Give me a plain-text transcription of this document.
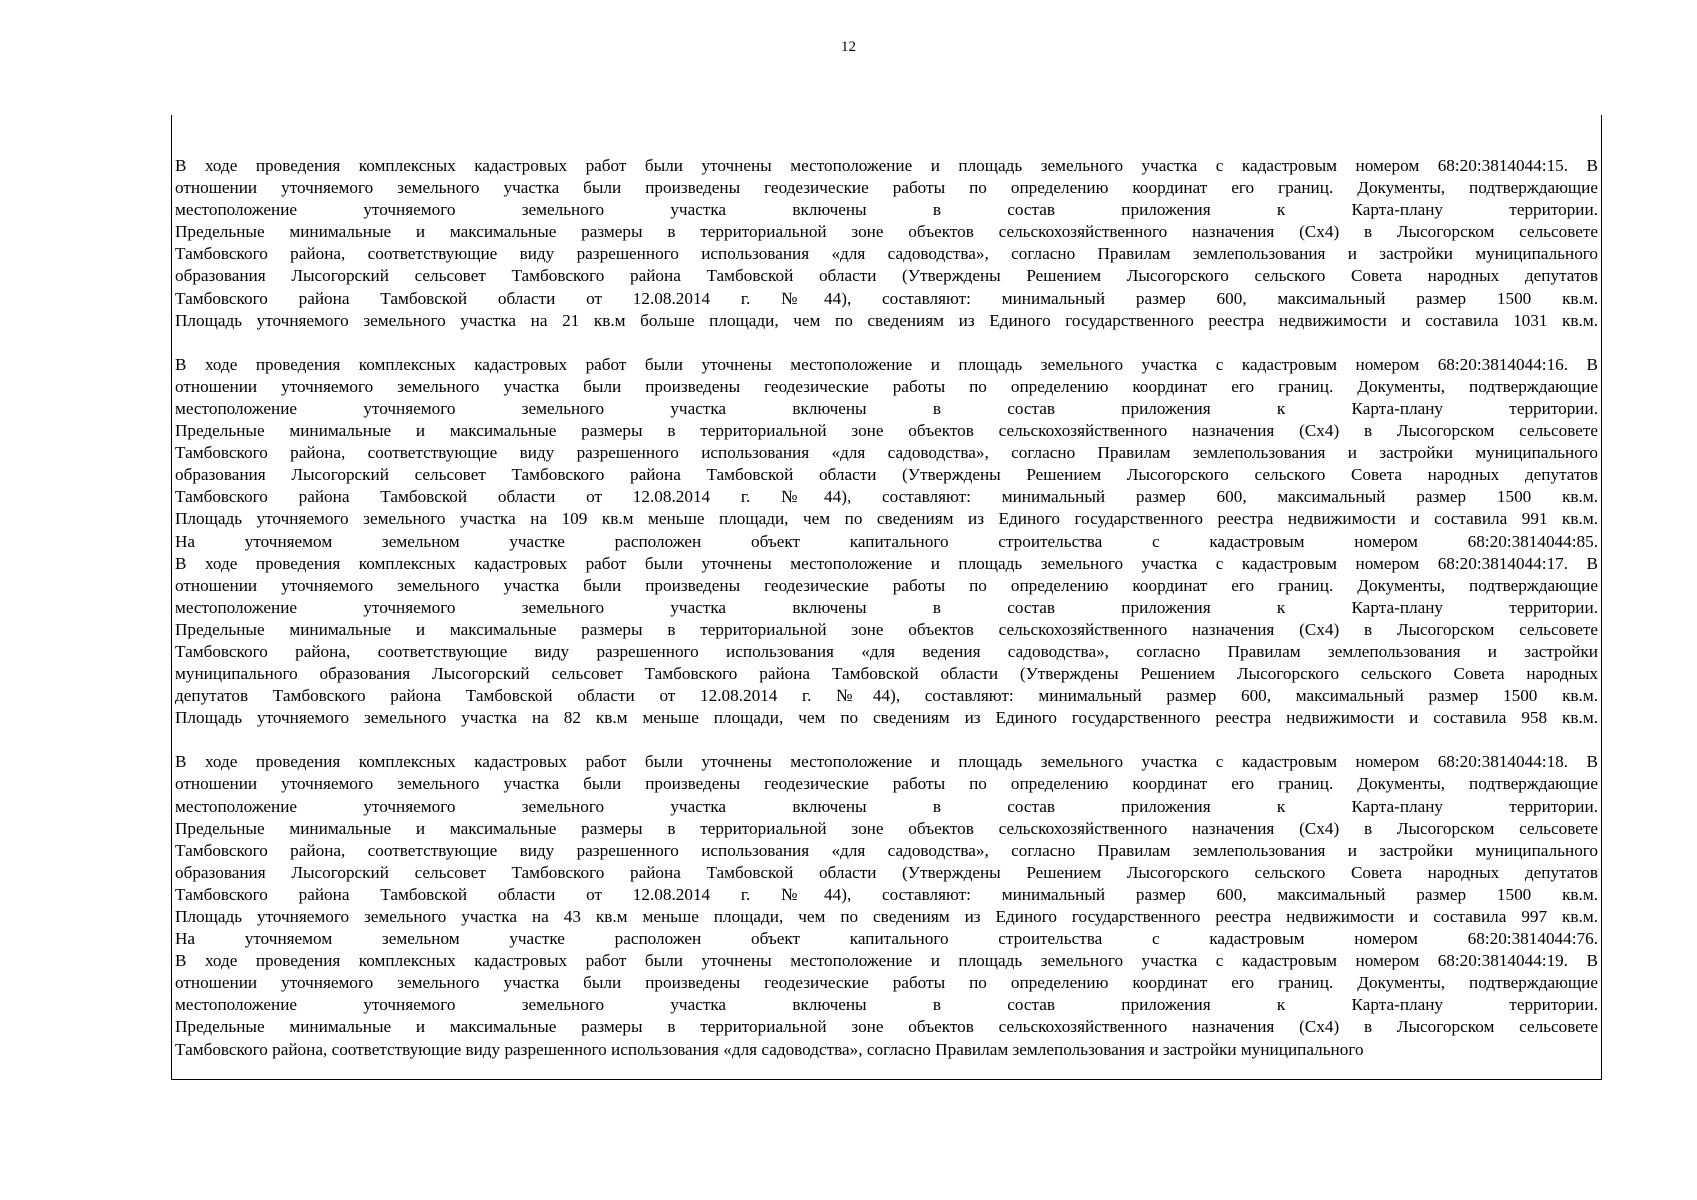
12
В ходе проведения комплексных кадастровых работ были уточнены местоположение и площадь земельного участка с кадастровым номером 68:20:3814044:15. В
отношении уточняемого земельного участка были произведены геодезические работы по определению координат его границ. Документы, подтверждающие
местоположение уточняемого земельного участка включены в состав приложения к Карта-плану территории.
Предельные минимальные и максимальные размеры в территориальной зоне объектов сельскохозяйственного назначения (Сх4) в Лысогорском сельсовете
Тамбовского района, соответствующие виду разрешенного использования «для садоводства», согласно Правилам землепользования и застройки муниципального
образования Лысогорский сельсовет Тамбовского района Тамбовской области (Утверждены Решением Лысогорского сельского Совета народных депутатов
Тамбовского района Тамбовской области от 12.08.2014 г. №44), составляют: минимальный размер 600, максимальный размер 1500 кв.м.
Площадь уточняемого земельного участка на 21 кв.м больше площади, чем по сведениям из Единого государственного реестра недвижимости и составила 1031 кв.м.
В ходе проведения комплексных кадастровых работ были уточнены местоположение и площадь земельного участка с кадастровым номером 68:20:3814044:16. В
отношении уточняемого земельного участка были произведены геодезические работы по определению координат его границ. Документы, подтверждающие
местоположение уточняемого земельного участка включены в состав приложения к Карта-плану территории.
Предельные минимальные и максимальные размеры в территориальной зоне объектов сельскохозяйственного назначения (Сх4) в Лысогорском сельсовете
Тамбовского района, соответствующие виду разрешенного использования «для садоводства», согласно Правилам землепользования и застройки муниципального
образования Лысогорский сельсовет Тамбовского района Тамбовской области (Утверждены Решением Лысогорского сельского Совета народных депутатов
Тамбовского района Тамбовской области от 12.08.2014 г. №44), составляют: минимальный размер 600, максимальный размер 1500 кв.м.
Площадь уточняемого земельного участка на 109 кв.м меньше площади, чем по сведениям из Единого государственного реестра недвижимости и составила 991 кв.м.
На уточняемом земельном участке расположен объект капитального строительства с кадастровым номером 68:20:3814044:85.
В ходе проведения комплексных кадастровых работ были уточнены местоположение и площадь земельного участка с кадастровым номером 68:20:3814044:17. В
отношении уточняемого земельного участка были произведены геодезические работы по определению координат его границ. Документы, подтверждающие
местоположение уточняемого земельного участка включены в состав приложения к Карта-плану территории.
Предельные минимальные и максимальные размеры в территориальной зоне объектов сельскохозяйственного назначения (Сх4) в Лысогорском сельсовете
Тамбовского района, соответствующие виду разрешенного использования «для ведения садоводства», согласно Правилам землепользования и застройки
муниципального образования Лысогорский сельсовет Тамбовского района Тамбовской области (Утверждены Решением Лысогорского сельского Совета народных
депутатов Тамбовского района Тамбовской области от 12.08.2014 г. №44), составляют: минимальный размер 600, максимальный размер 1500 кв.м.
Площадь уточняемого земельного участка на 82 кв.м меньше площади, чем по сведениям из Единого государственного реестра недвижимости и составила 958 кв.м.
В ходе проведения комплексных кадастровых работ были уточнены местоположение и площадь земельного участка с кадастровым номером 68:20:3814044:18. В
отношении уточняемого земельного участка были произведены геодезические работы по определению координат его границ. Документы, подтверждающие
местоположение уточняемого земельного участка включены в состав приложения к Карта-плану территории.
Предельные минимальные и максимальные размеры в территориальной зоне объектов сельскохозяйственного назначения (Сх4) в Лысогорском сельсовете
Тамбовского района, соответствующие виду разрешенного использования «для садоводства», согласно Правилам землепользования и застройки муниципального
образования Лысогорский сельсовет Тамбовского района Тамбовской области (Утверждены Решением Лысогорского сельского Совета народных депутатов
Тамбовского района Тамбовской области от 12.08.2014 г. №44), составляют: минимальный размер 600, максимальный размер 1500 кв.м.
Площадь уточняемого земельного участка на 43 кв.м меньше площади, чем по сведениям из Единого государственного реестра недвижимости и составила 997 кв.м.
На уточняемом земельном участке расположен объект капитального строительства с кадастровым номером 68:20:3814044:76.
В ходе проведения комплексных кадастровых работ были уточнены местоположение и площадь земельного участка с кадастровым номером 68:20:3814044:19. В
отношении уточняемого земельного участка были произведены геодезические работы по определению координат его границ. Документы, подтверждающие
местоположение уточняемого земельного участка включены в состав приложения к Карта-плану территории.
Предельные минимальные и максимальные размеры в территориальной зоне объектов сельскохозяйственного назначения (Сх4) в Лысогорском сельсовете
Тамбовского района, соответствующие виду разрешенного использования «для садоводства», согласно Правилам землепользования и застройки муниципального
